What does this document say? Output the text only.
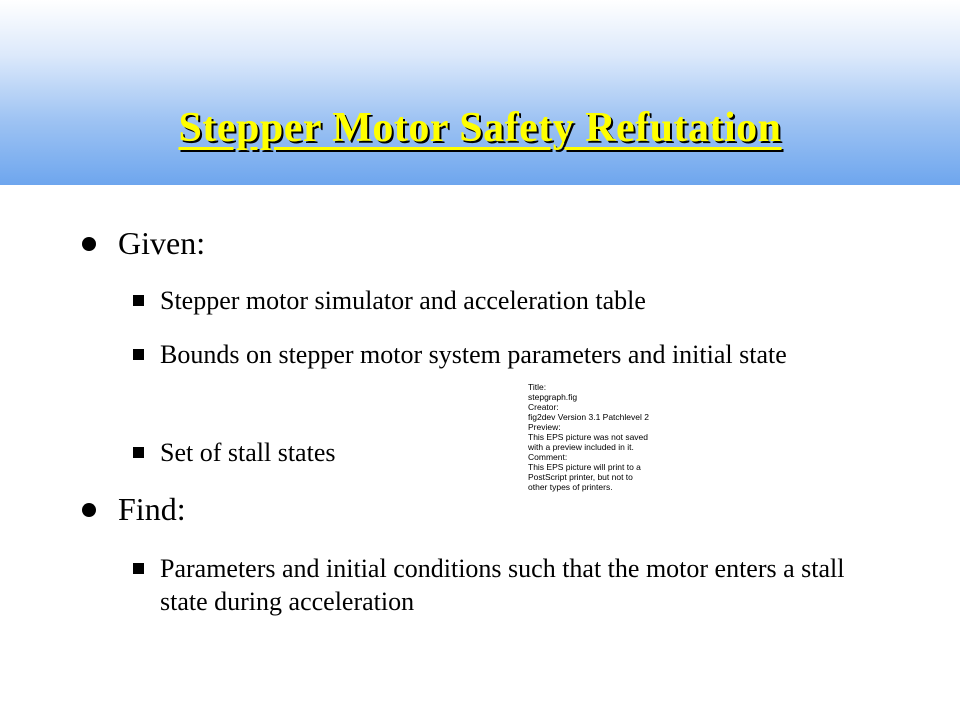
Stepper Motor Safety Refutation
Given:
Stepper motor simulator and acceleration table
Bounds on stepper motor system parameters and initial state
Set of stall states
Find:
Parameters and initial conditions such that the motor enters a stall state during acceleration
Title:
stepgraph.fig
Creator:
fig2dev Version 3.1 Patchlevel 2
Preview:
This EPS picture was not saved
with a preview included in it.
Comment:
This EPS picture will print to a
PostScript printer, but not to
other types of printers.
